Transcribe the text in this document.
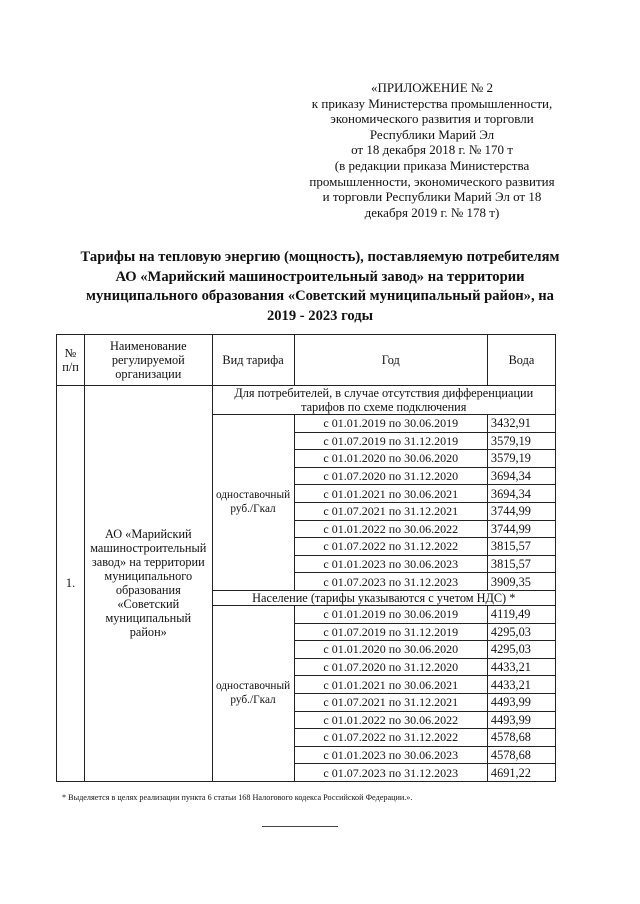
«ПРИЛОЖЕНИЕ № 2
к приказу Министерства промышленности,
экономического развития и торговли
Республики Марий Эл
от 18 декабря 2018 г. № 170 т
(в редакции приказа Министерства
промышленности, экономического развития
и торговли Республики Марий Эл от 18
декабря 2019 г. № 178 т)
Тарифы на тепловую энергию (мощность), поставляемую потребителям
АО «Марийский машиностроительный завод» на территории
муниципального образования «Советский муниципальный район», на
2019 - 2023 годы
№ п/п	Наименование регулируемой организации	Вид тарифа	Год	Вода
1.	АО «Марийский машиностроительный завод» на территории муниципального образования «Советский муниципальный район»	Для потребителей, в случае отсутствия дифференциации тарифов по схеме подключения		
		одноставочный руб./Гкал	с 01.01.2019 по 30.06.2019	3432,91
			с 01.07.2019 по 31.12.2019	3579,19
			с 01.01.2020 по 30.06.2020	3579,19
			с 01.07.2020 по 31.12.2020	3694,34
			с 01.01.2021 по 30.06.2021	3694,34
			с 01.07.2021 по 31.12.2021	3744,99
			с 01.01.2022 по 30.06.2022	3744,99
			с 01.07.2022 по 31.12.2022	3815,57
			с 01.01.2023 по 30.06.2023	3815,57
			с 01.07.2023 по 31.12.2023	3909,35
		Население (тарифы указываются с учетом НДС) *		
		одноставочный руб./Гкал	с 01.01.2019 по 30.06.2019	4119,49
			с 01.07.2019 по 31.12.2019	4295,03
			с 01.01.2020 по 30.06.2020	4295,03
			с 01.07.2020 по 31.12.2020	4433,21
			с 01.01.2021 по 30.06.2021	4433,21
			с 01.07.2021 по 31.12.2021	4493,99
			с 01.01.2022 по 30.06.2022	4493,99
			с 01.07.2022 по 31.12.2022	4578,68
			с 01.01.2023 по 30.06.2023	4578,68
			с 01.07.2023 по 31.12.2023	4691,22
* Выделяется в целях реализации пункта 6 статьи 168 Налогового кодекса Российской Федерации.».
